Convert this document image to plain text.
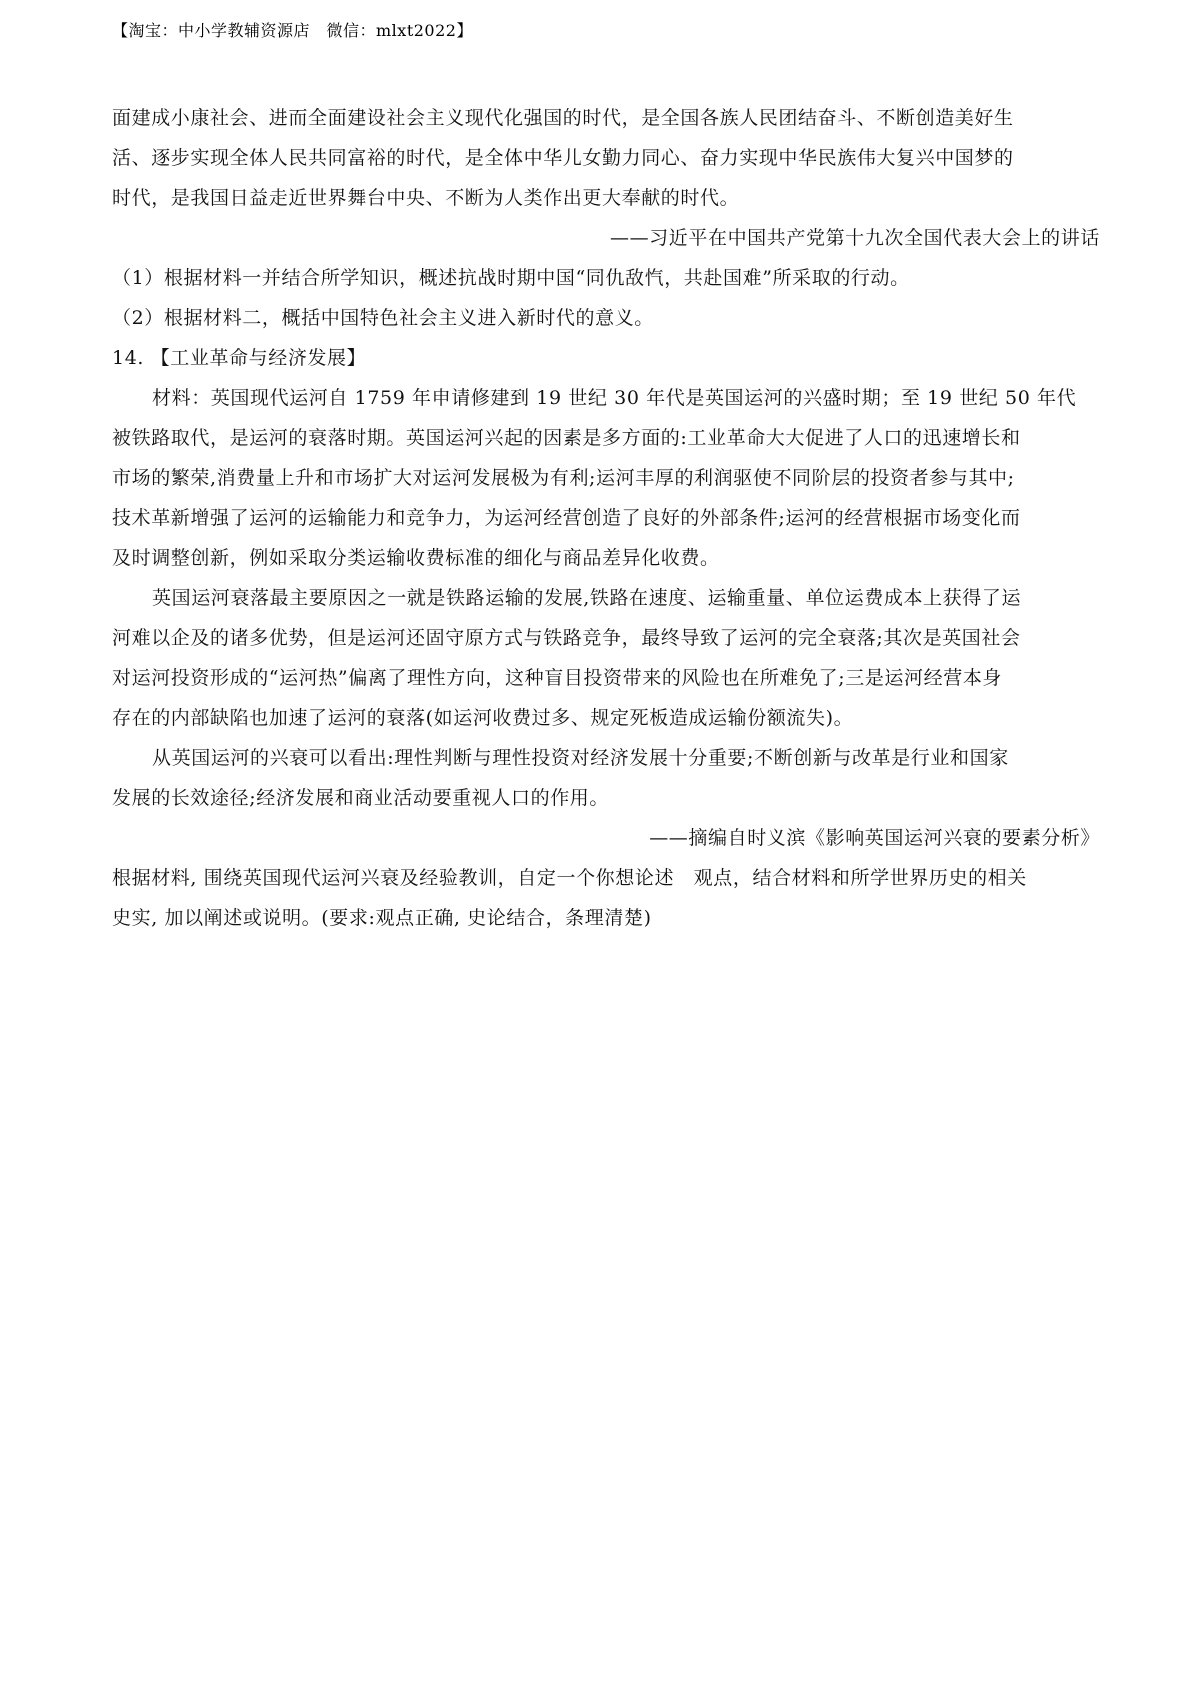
【淘宝：中小学教辅资源店　微信：mlxt2022】
面建成小康社会、进而全面建设社会主义现代化强国的时代，是全国各族人民团结奋斗、不断创造美好生
活、逐步实现全体人民共同富裕的时代，是全体中华儿女勤力同心、奋力实现中华民族伟大复兴中国梦的
时代，是我国日益走近世界舞台中央、不断为人类作出更大奉献的时代。
——习近平在中国共产党第十九次全国代表大会上的讲话
（1）根据材料一并结合所学知识，概述抗战时期中国“同仇敌忾，共赴国难”所采取的行动。
（2）根据材料二，概括中国特色社会主义进入新时代的意义。
14. 【工业革命与经济发展】
材料：英国现代运河自 1759 年申请修建到 19 世纪 30 年代是英国运河的兴盛时期；至 19 世纪 50 年代
被铁路取代，是运河的衰落时期。英国运河兴起的因素是多方面的:工业革命大大促进了人口的迅速增长和
市场的繁荣,消费量上升和市场扩大对运河发展极为有利;运河丰厚的利润驱使不同阶层的投资者参与其中;
技术革新增强了运河的运输能力和竞争力，为运河经营创造了良好的外部条件;运河的经营根据市场变化而
及时调整创新，例如采取分类运输收费标准的细化与商品差异化收费。
英国运河衰落最主要原因之一就是铁路运输的发展,铁路在速度、运输重量、单位运费成本上获得了运
河难以企及的诸多优势，但是运河还固守原方式与铁路竞争，最终导致了运河的完全衰落;其次是英国社会
对运河投资形成的“运河热”偏离了理性方向，这种盲目投资带来的风险也在所难免了;三是运河经营本身
存在的内部缺陷也加速了运河的衰落(如运河收费过多、规定死板造成运输份额流失)。
从英国运河的兴衰可以看出:理性判断与理性投资对经济发展十分重要;不断创新与改革是行业和国家
发展的长效途径;经济发展和商业活动要重视人口的作用。
——摘编自时义滨《影响英国运河兴衰的要素分析》
根据材料, 围绕英国现代运河兴衰及经验教训，自定一个你想论述　观点，结合材料和所学世界历史的相关
史实, 加以阐述或说明。(要求:观点正确, 史论结合，条理清楚)
